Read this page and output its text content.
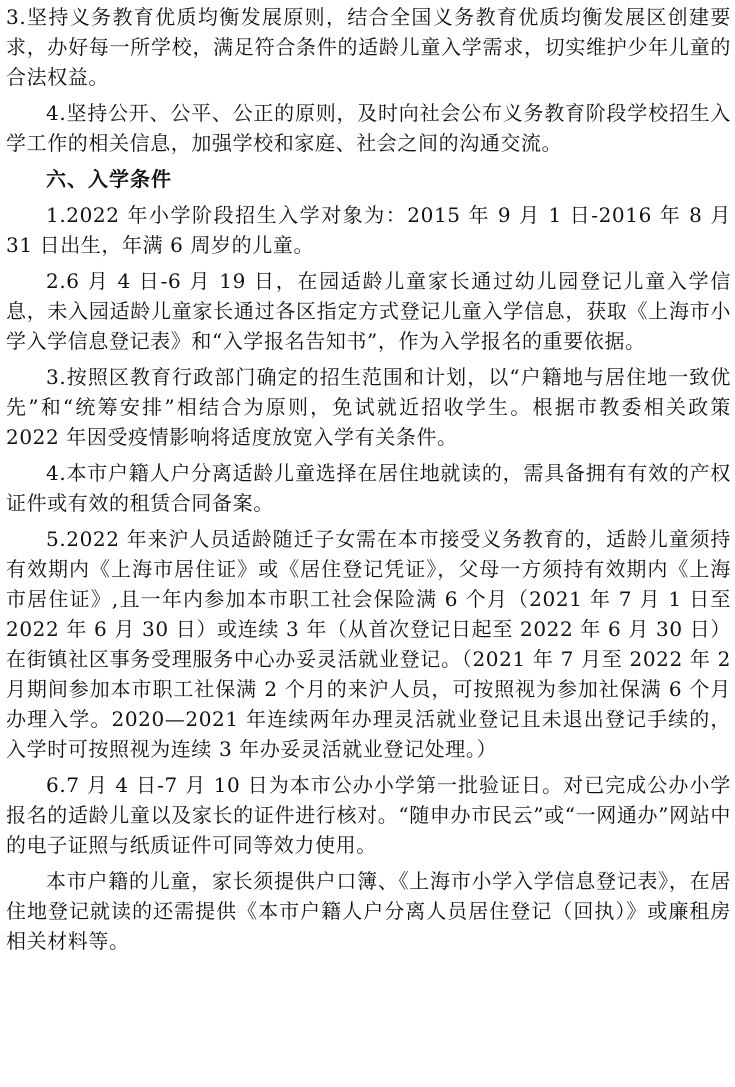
3.坚持义务教育优质均衡发展原则，结合全国义务教育优质均衡发展区创建要求，办好每一所学校，满足符合条件的适龄儿童入学需求，切实维护少年儿童的合法权益。

4.坚持公开、公平、公正的原则，及时向社会公布义务教育阶段学校招生入学工作的相关信息，加强学校和家庭、社会之间的沟通交流。

六、入学条件

1.2022 年小学阶段招生入学对象为：2015 年 9 月 1 日-2016 年 8 月 31 日出生，年满 6 周岁的儿童。

2.6 月 4 日-6 月 19 日，在园适龄儿童家长通过幼儿园登记儿童入学信息，未入园适龄儿童家长通过各区指定方式登记儿童入学信息，获取《上海市小学入学信息登记表》和“入学报名告知书”，作为入学报名的重要依据。

3.按照区教育行政部门确定的招生范围和计划，以“户籍地与居住地一致优先”和“统筹安排”相结合为原则，免试就近招收学生。根据市教委相关政策 2022 年因受疫情影响将适度放宽入学有关条件。

4.本市户籍人户分离适龄儿童选择在居住地就读的，需具备拥有有效的产权证件或有效的租赁合同备案。

5.2022 年来沪人员适龄随迁子女需在本市接受义务教育的，适龄儿童须持有效期内《上海市居住证》或《居住登记凭证》，父母一方须持有效期内《上海市居住证》,且一年内参加本市职工社会保险满 6 个月（2021 年 7 月 1 日至 2022 年 6 月 30 日）或连续 3 年（从首次登记日起至 2022 年 6 月 30 日）在街镇社区事务受理服务中心办妥灵活就业登记。（2021 年 7 月至 2022 年 2 月期间参加本市职工社保满 2 个月的来沪人员，可按照视为参加社保满 6 个月办理入学。2020—2021 年连续两年办理灵活就业登记且未退出登记手续的，入学时可按照视为连续 3 年办妥灵活就业登记处理。）

6.7 月 4 日-7 月 10 日为本市公办小学第一批验证日。对已完成公办小学报名的适龄儿童以及家长的证件进行核对。“随申办市民云”或“一网通办”网站中的电子证照与纸质证件可同等效力使用。

本市户籍的儿童，家长须提供户口簿、《上海市小学入学信息登记表》，在居住地登记就读的还需提供《本市户籍人户分离人员居住登记（回执）》或廉租房相关材料等。
